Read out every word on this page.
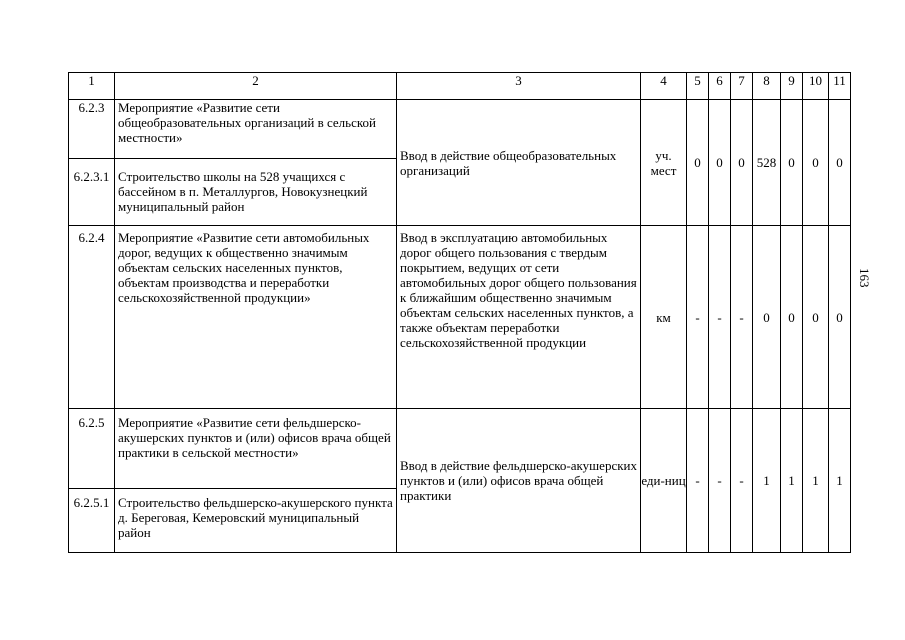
1	2	3	4	5	6	7	8	9	10	11
6.2.3	Мероприятие «Развитие сети общеобразовательных организаций в сельской местности»	Ввод в действие общеобразовательных организаций	уч. мест	0	0	0	528	0	0	0
6.2.3.1	Строительство школы на 528 учащихся с бассейном в п. Металлургов, Новокузнецкий муниципальный район									
6.2.4	Мероприятие «Развитие сети автомобильных дорог, ведущих к общественно значимым объектам сельских населенных пунктов, объектам производства и переработки сельскохозяйственной продукции»	Ввод в эксплуатацию автомобильных дорог общего пользования с твердым покрытием, ведущих от сети автомобильных дорог общего пользования к ближайшим общественно значимым объектам сельских населенных пунктов, а также объектам переработки сельскохозяйственной продукции	км	-	-	-	0	0	0	0
6.2.5	Мероприятие «Развитие сети фельдшерско-акушерских пунктов и (или) офисов врача общей практики в сельской местности»	Ввод в действие фельдшерско-акушерских пунктов и (или) офисов врача общей практики	еди-ниц	-	-	-	1	1	1	1
6.2.5.1	Строительство фельдшерско-акушерского пункта д. Береговая, Кемеровский муниципальный район									
163
